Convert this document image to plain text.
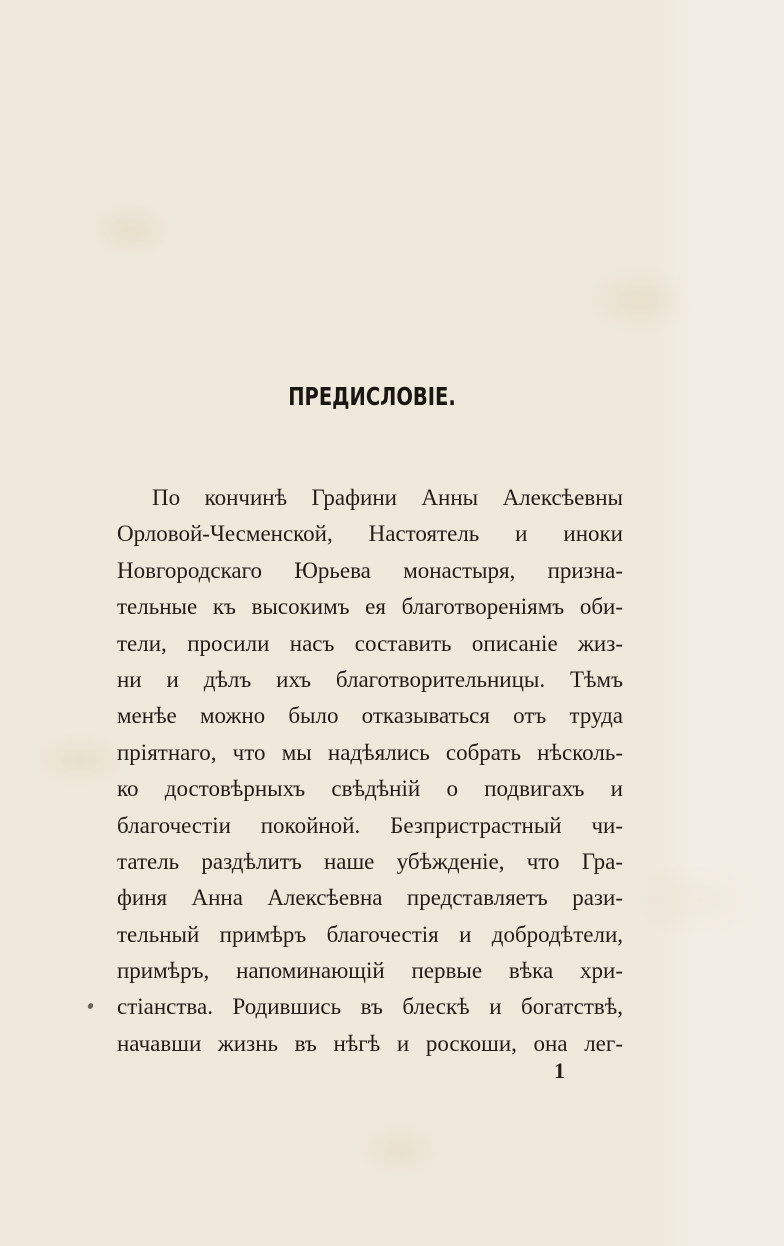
ПРЕДИСЛОВІЕ.
По кончинѣ Графини Анны Алексѣевны
Орловой-Чесменской, Настоятель и иноки
Новгородскаго Юрьева монастыря, призна-
тельные къ высокимъ ея благотвореніямъ оби-
тели, просили насъ составить описаніе жиз-
ни и дѣлъ ихъ благотворительницы. Тѣмъ
менѣе можно было отказываться отъ труда
пріятнаго, что мы надѣялись собрать нѣсколь-
ко достовѣрныхъ свѣдѣній о подвигахъ и
благочестіи покойной. Безпристрастный чи-
татель раздѣлитъ наше убѣжденіе, что Гра-
финя Анна Алексѣевна представляетъ рази-
тельный примѣръ благочестія и добродѣтели,
примѣръ, напоминающій первые вѣка хри-
стіанства. Родившись въ блескѣ и богатствѣ,
начавши жизнь въ нѣгѣ и роскоши, она лег-
1
